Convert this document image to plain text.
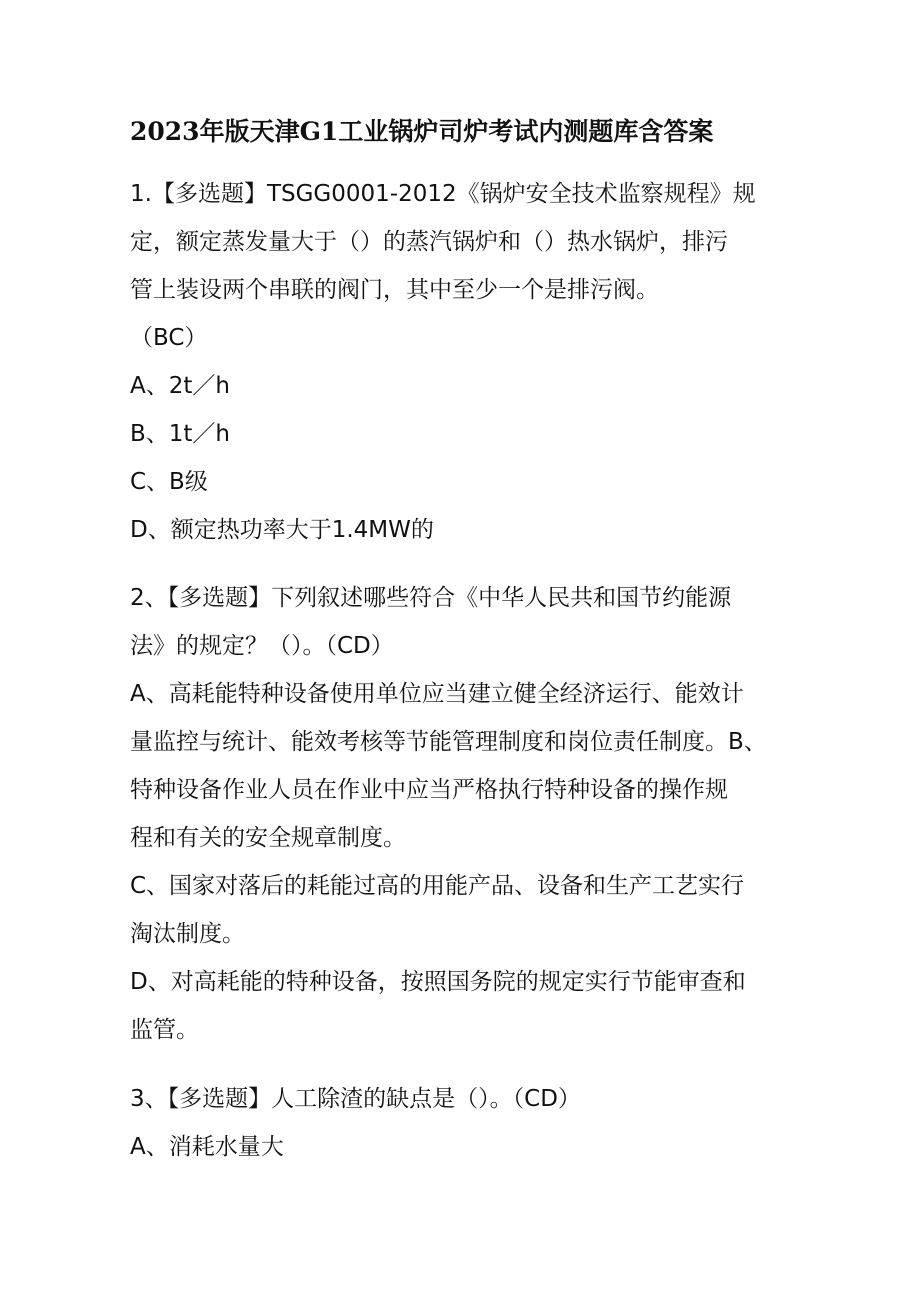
2023年版天津G1工业锅炉司炉考试内测题库含答案
1.【多选题】TSGG0001-2012《锅炉安全技术监察规程》规
定，额定蒸发量大于（）的蒸汽锅炉和（）热水锅炉，排污
管上装设两个串联的阀门，其中至少一个是排污阀。
（BC）
A、2t／h
B、1t／h
C、B级
D、额定热功率大于1.4MW的
2、【多选题】下列叙述哪些符合《中华人民共和国节约能源
法》的规定？（）。（CD）
A、高耗能特种设备使用单位应当建立健全经济运行、能效计
量监控与统计、能效考核等节能管理制度和岗位责任制度。B、
特种设备作业人员在作业中应当严格执行特种设备的操作规
程和有关的安全规章制度。
C、国家对落后的耗能过高的用能产品、设备和生产工艺实行
淘汰制度。
D、对高耗能的特种设备，按照国务院的规定实行节能审查和
监管。
3、【多选题】人工除渣的缺点是（）。（CD）
A、消耗水量大
